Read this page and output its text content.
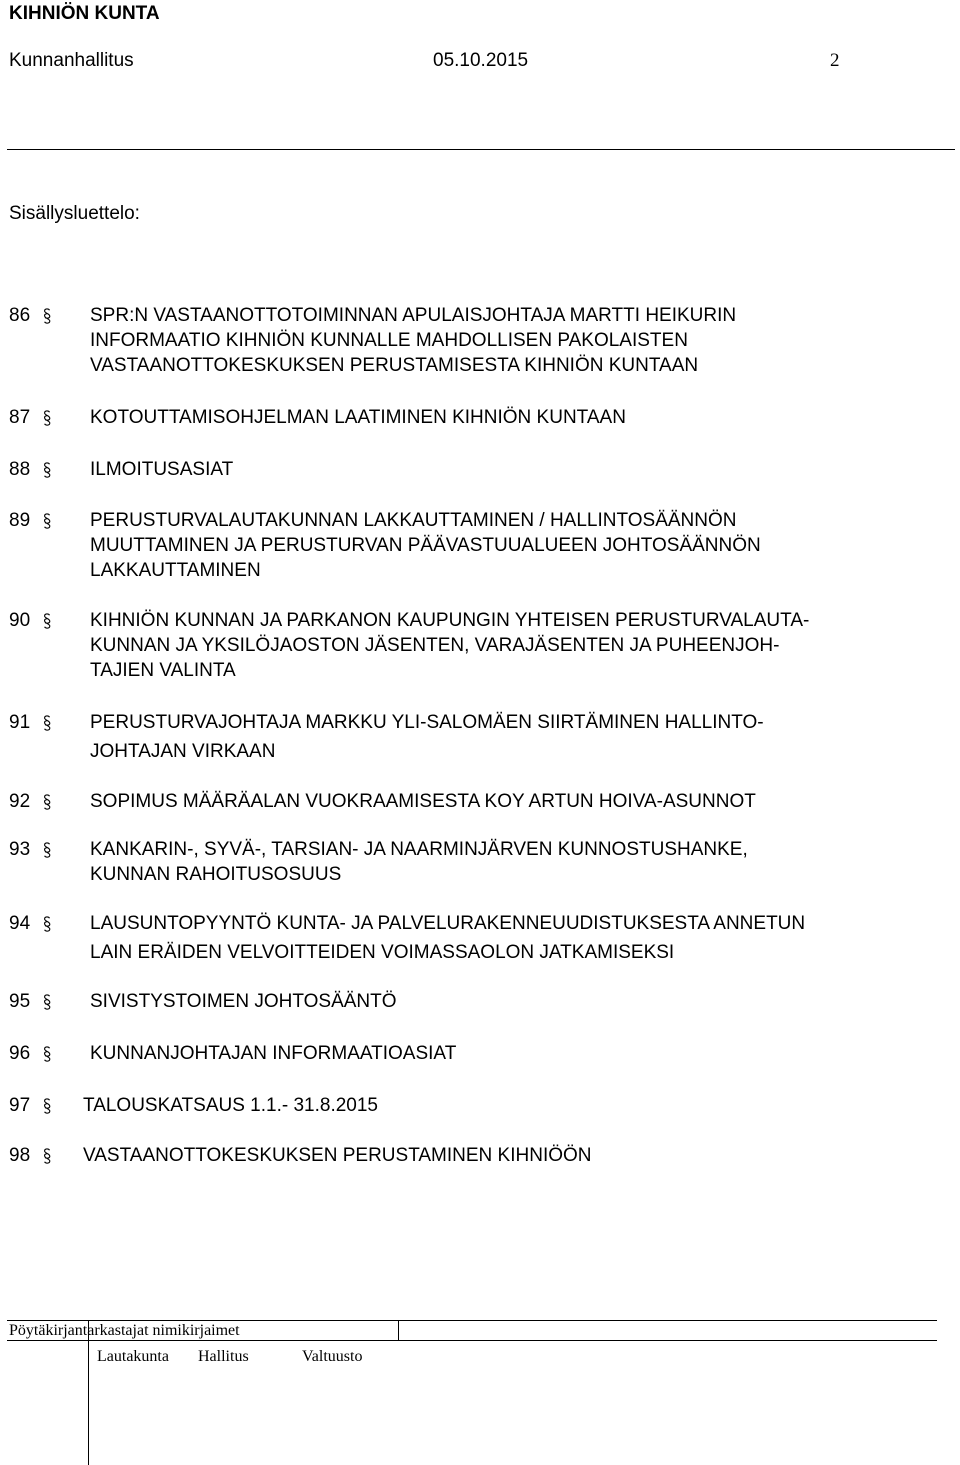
KIHNIÖN KUNTA
Kunnanhallitus	05.10.2015	2
Sisällysluettelo:
86	SPR:N VASTAANOTTOTOIMINNAN APULAISJOHTAJA MARTTI HEIKURIN
INFORMAATIO KIHNIÖN KUNNALLE MAHDOLLISEN PAKOLAISTEN
VASTAANOTTOKESKUKSEN PERUSTAMISESTA KIHNIÖN KUNTAAN
87	KOTOUTTAMISOHJELMAN LAATIMINEN KIHNIÖN KUNTAAN
88	ILMOITUSASIAT
89	PERUSTURVALAUTAKUNNAN LAKKAUTTAMINEN / HALLINTOSÄÄNNÖN
MUUTTAMINEN JA PERUSTURVAN PÄÄVASTUUALUEEN JOHTOSÄÄNNÖN
LAKKAUTTAMINEN
90	KIHNIÖN KUNNAN JA PARKANON KAUPUNGIN YHTEISEN PERUSTURVALAUTA-
KUNNAN JA YKSILÖJAOSTON JÄSENTEN, VARAJÄSENTEN JA PUHEENJOH-
TAJIEN VALINTA
91	PERUSTURVAJOHTAJA MARKKU YLI-SALOMÄEN SIIRTÄMINEN HALLINTO-
JOHTAJAN VIRKAAN
92	SOPIMUS MÄÄRÄALAN VUOKRAAMISESTA KOY ARTUN HOIVA-ASUNNOT
93	KANKARIN-, SYVÄ-, TARSIAN- JA NAARMINJÄRVEN KUNNOSTUSHANKE,
KUNNAN RAHOITUSOSUUS
94	LAUSUNTOPYYNTÖ KUNTA- JA PALVELURAKENNEUUDISTUKSESTA ANNETUN
LAIN ERÄIDEN VELVOITTEIDEN VOIMASSAOLON JATKAMISEKSI
95	SIVISTYSTOIMEN JOHTOSÄÄNTÖ
96	KUNNANJOHTAJAN INFORMAATIOASIAT
97	TALOUSKATSAUS 1.1.- 31.8.2015
98	VASTAANOTTOKESKUKSEN PERUSTAMINEN KIHNIÖÖN
Pöytäkirjantarkastajat nimikirjaimet
Lautakunta Hallitus	Valtuusto
